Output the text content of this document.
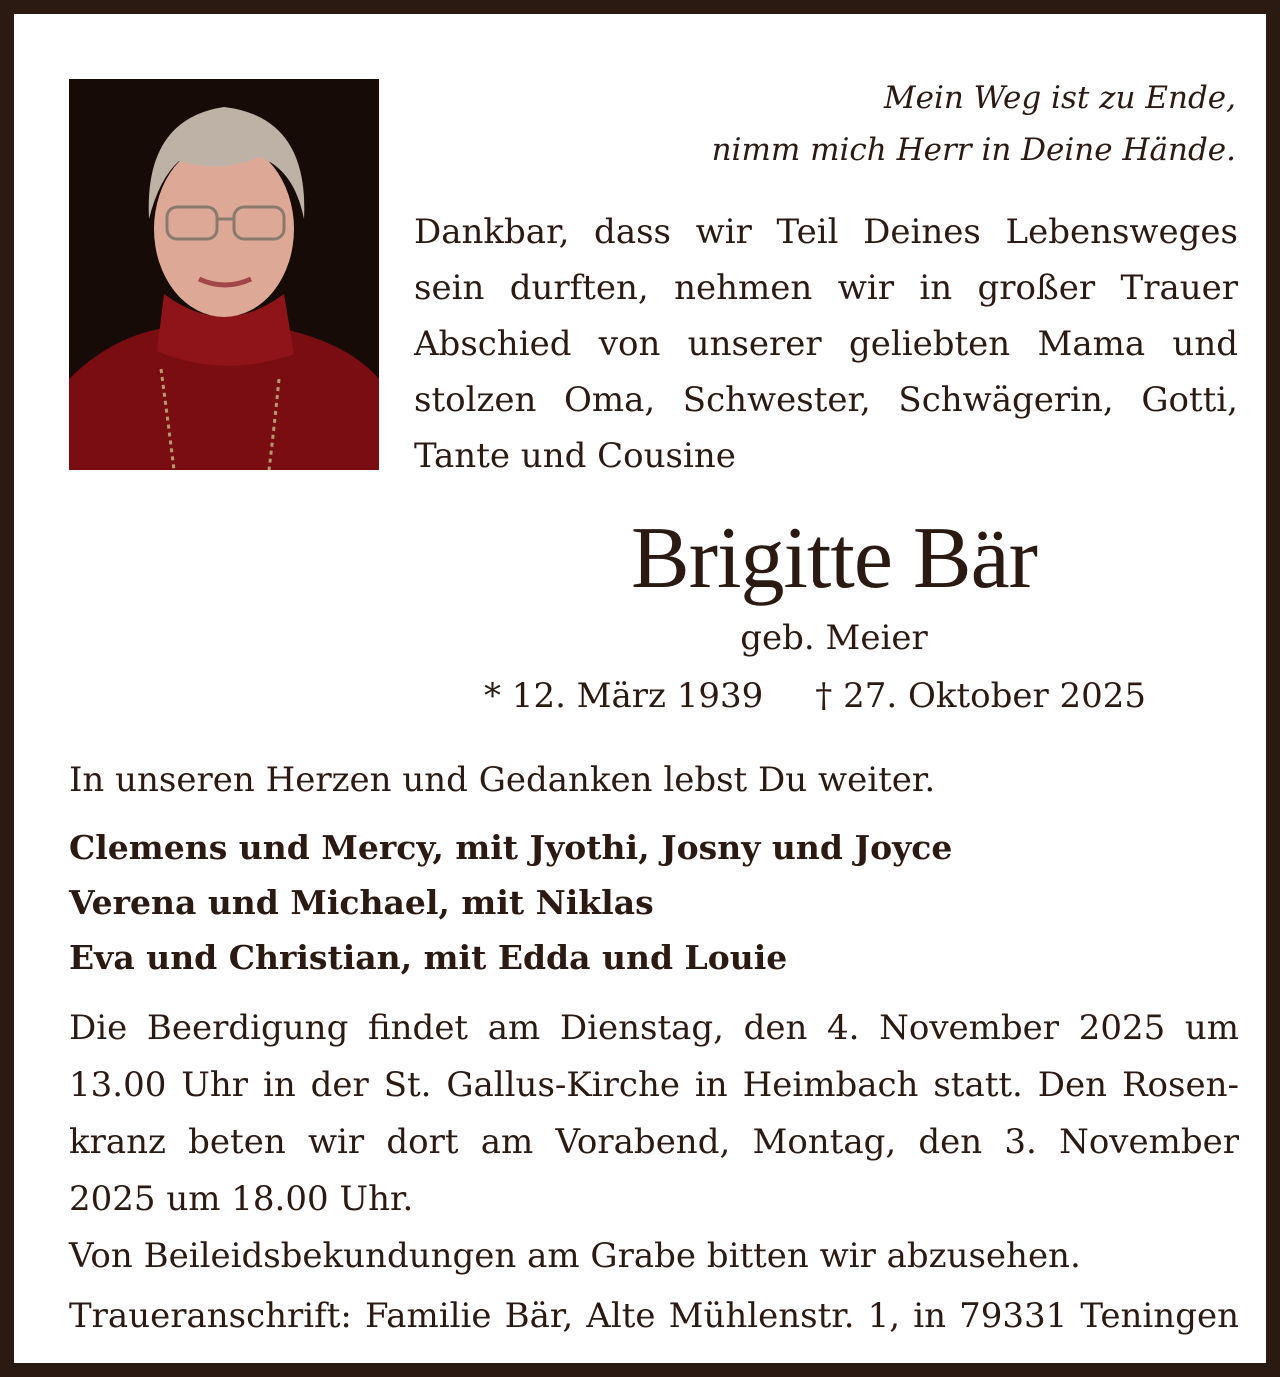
Mein Weg ist zu Ende,
nimm mich Herr in Deine Hände.
Dankbar, dass wir Teil Deines Lebensweges
sein durften, nehmen wir in großer Trauer
Abschied von unserer geliebten Mama und
stolzen Oma, Schwester, Schwägerin, Gotti,
Tante und Cousine
Brigitte Bär
geb. Meier
* 12. März 1939 † 27. Oktober 2025
In unseren Herzen und Gedanken lebst Du weiter.
Clemens und Mercy, mit Jyothi, Josny und Joyce
Verena und Michael, mit Niklas
Eva und Christian, mit Edda und Louie
Die Beerdigung findet am Dienstag, den 4. November 2025 um
13.00 Uhr in der St. Gallus-Kirche in Heimbach statt. Den Rosen-
kranz beten wir dort am Vorabend, Montag, den 3. November
2025 um 18.00 Uhr.
Von Beileidsbekundungen am Grabe bitten wir abzusehen.
Traueranschrift: Familie Bär, Alte Mühlenstr. 1, in 79331 Teningen
